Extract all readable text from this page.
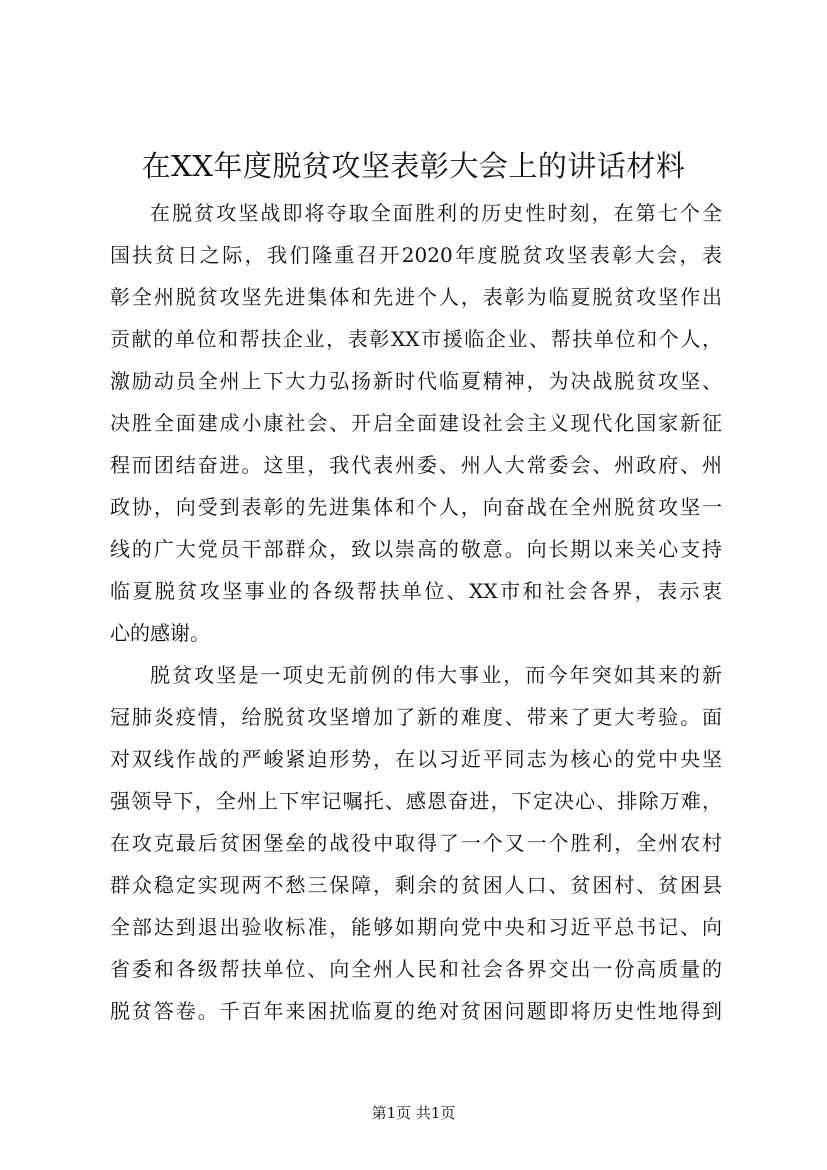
在XX年度脱贫攻坚表彰大会上的讲话材料
在脱贫攻坚战即将夺取全面胜利的历史性时刻，在第七个全
国扶贫日之际，我们隆重召开2020年度脱贫攻坚表彰大会，表
彰全州脱贫攻坚先进集体和先进个人，表彰为临夏脱贫攻坚作出
贡献的单位和帮扶企业，表彰XX市援临企业、帮扶单位和个人，
激励动员全州上下大力弘扬新时代临夏精神，为决战脱贫攻坚、
决胜全面建成小康社会、开启全面建设社会主义现代化国家新征
程而团结奋进。这里，我代表州委、州人大常委会、州政府、州
政协，向受到表彰的先进集体和个人，向奋战在全州脱贫攻坚一
线的广大党员干部群众，致以崇高的敬意。向长期以来关心支持
临夏脱贫攻坚事业的各级帮扶单位、XX市和社会各界，表示衷
心的感谢。
脱贫攻坚是一项史无前例的伟大事业，而今年突如其来的新
冠肺炎疫情，给脱贫攻坚增加了新的难度、带来了更大考验。面
对双线作战的严峻紧迫形势，在以习近平同志为核心的党中央坚
强领导下，全州上下牢记嘱托、感恩奋进，下定决心、排除万难，
在攻克最后贫困堡垒的战役中取得了一个又一个胜利，全州农村
群众稳定实现两不愁三保障，剩余的贫困人口、贫困村、贫困县
全部达到退出验收标准，能够如期向党中央和习近平总书记、向
省委和各级帮扶单位、向全州人民和社会各界交出一份高质量的
脱贫答卷。千百年来困扰临夏的绝对贫困问题即将历史性地得到
第1页 共1页
